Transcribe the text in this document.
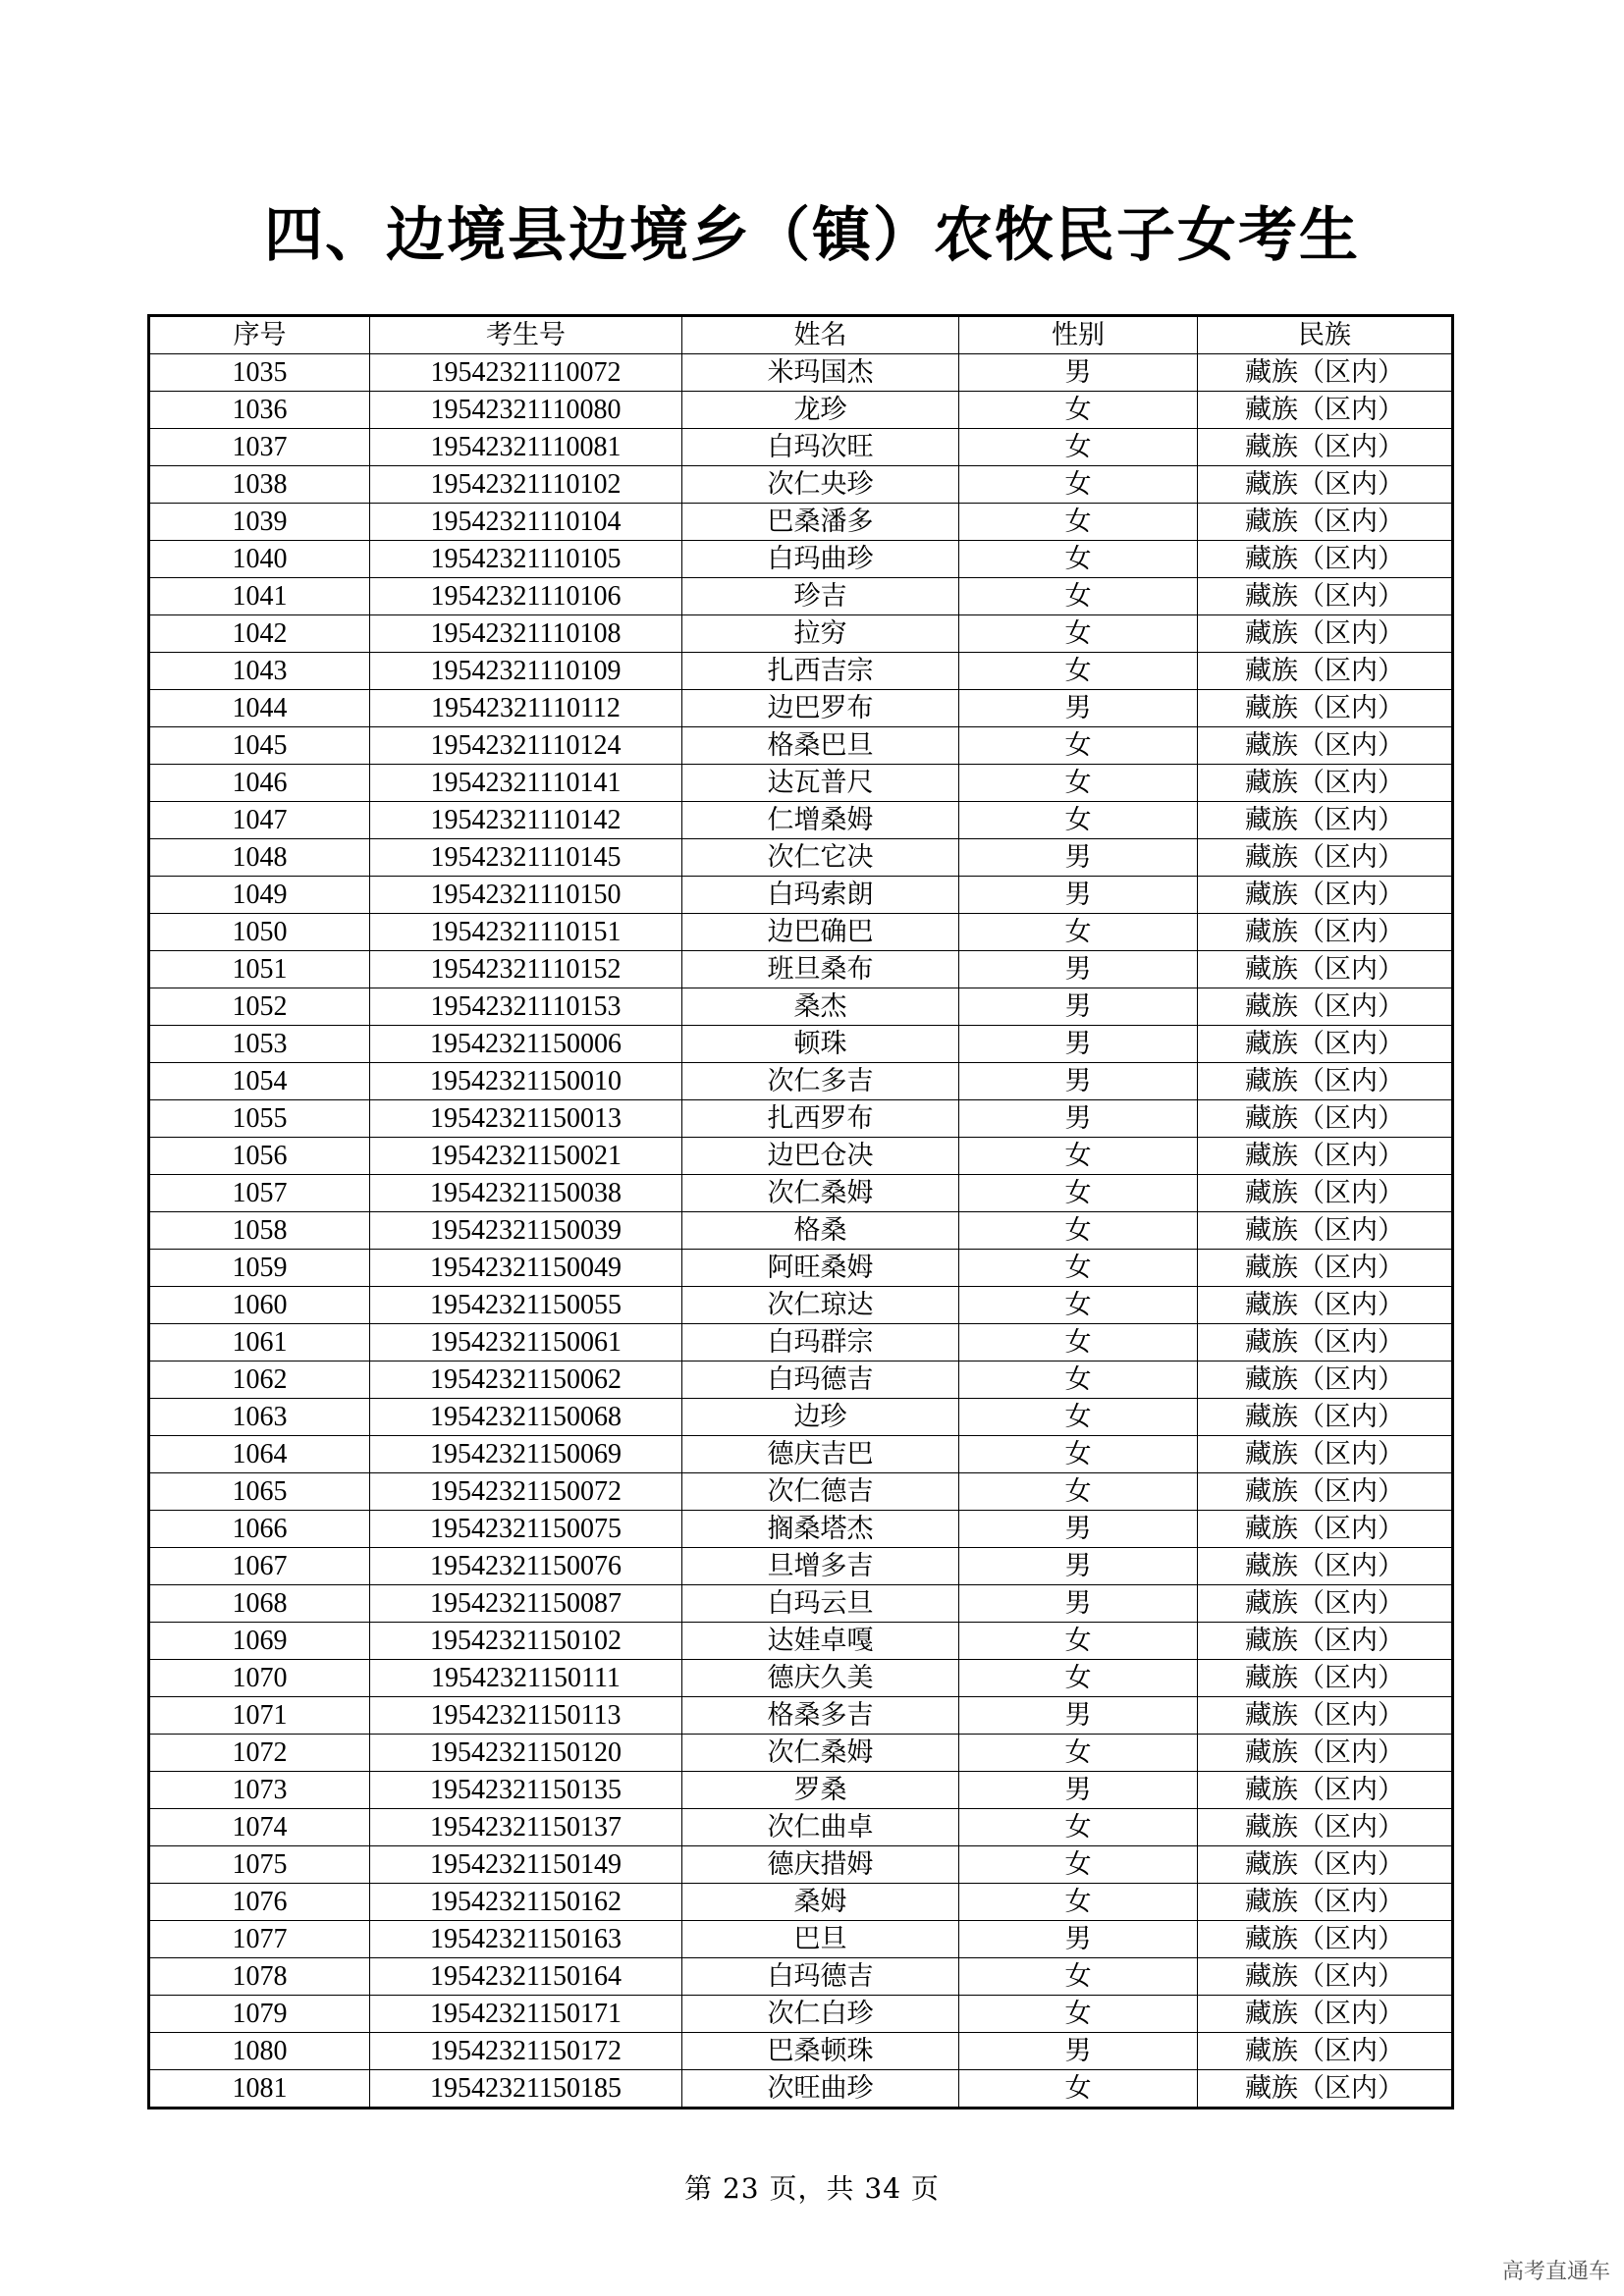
四、边境县边境乡（镇）农牧民子女考生
序号	考生号	姓名	性别	民族
1035	19542321110072	米玛国杰	男	藏族（区内）
1036	19542321110080	龙珍	女	藏族（区内）
1037	19542321110081	白玛次旺	女	藏族（区内）
1038	19542321110102	次仁央珍	女	藏族（区内）
1039	19542321110104	巴桑潘多	女	藏族（区内）
1040	19542321110105	白玛曲珍	女	藏族（区内）
1041	19542321110106	珍吉	女	藏族（区内）
1042	19542321110108	拉穷	女	藏族（区内）
1043	19542321110109	扎西吉宗	女	藏族（区内）
1044	19542321110112	边巴罗布	男	藏族（区内）
1045	19542321110124	格桑巴旦	女	藏族（区内）
1046	19542321110141	达瓦普尺	女	藏族（区内）
1047	19542321110142	仁增桑姆	女	藏族（区内）
1048	19542321110145	次仁它决	男	藏族（区内）
1049	19542321110150	白玛索朗	男	藏族（区内）
1050	19542321110151	边巴确巴	女	藏族（区内）
1051	19542321110152	班旦桑布	男	藏族（区内）
1052	19542321110153	桑杰	男	藏族（区内）
1053	19542321150006	顿珠	男	藏族（区内）
1054	19542321150010	次仁多吉	男	藏族（区内）
1055	19542321150013	扎西罗布	男	藏族（区内）
1056	19542321150021	边巴仓决	女	藏族（区内）
1057	19542321150038	次仁桑姆	女	藏族（区内）
1058	19542321150039	格桑	女	藏族（区内）
1059	19542321150049	阿旺桑姆	女	藏族（区内）
1060	19542321150055	次仁琼达	女	藏族（区内）
1061	19542321150061	白玛群宗	女	藏族（区内）
1062	19542321150062	白玛德吉	女	藏族（区内）
1063	19542321150068	边珍	女	藏族（区内）
1064	19542321150069	德庆吉巴	女	藏族（区内）
1065	19542321150072	次仁德吉	女	藏族（区内）
1066	19542321150075	搁桑塔杰	男	藏族（区内）
1067	19542321150076	旦增多吉	男	藏族（区内）
1068	19542321150087	白玛云旦	男	藏族（区内）
1069	19542321150102	达娃卓嘎	女	藏族（区内）
1070	19542321150111	德庆久美	女	藏族（区内）
1071	19542321150113	格桑多吉	男	藏族（区内）
1072	19542321150120	次仁桑姆	女	藏族（区内）
1073	19542321150135	罗桑	男	藏族（区内）
1074	19542321150137	次仁曲卓	女	藏族（区内）
1075	19542321150149	德庆措姆	女	藏族（区内）
1076	19542321150162	桑姆	女	藏族（区内）
1077	19542321150163	巴旦	男	藏族（区内）
1078	19542321150164	白玛德吉	女	藏族（区内）
1079	19542321150171	次仁白珍	女	藏族（区内）
1080	19542321150172	巴桑顿珠	男	藏族（区内）
1081	19542321150185	次旺曲珍	女	藏族（区内）
第 23 页，共 34 页
高考直通车
